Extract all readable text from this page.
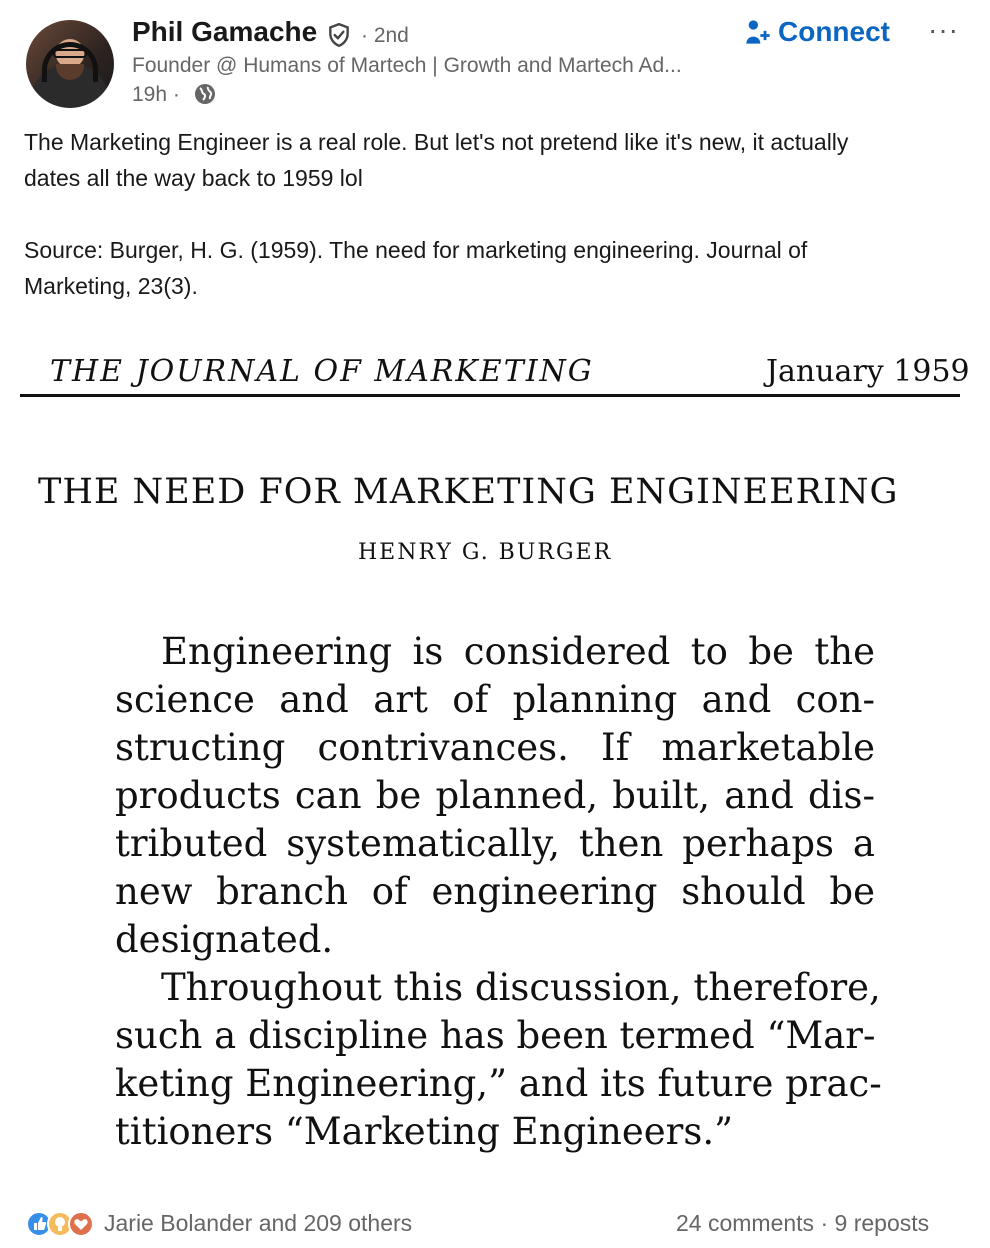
Phil Gamache · 2nd
Founder @ Humans of Martech | Growth and Martech Ad...
19h ·
Connect ···

The Marketing Engineer is a real role. But let's not pretend like it's new, it actually

dates all the way back to 1959 lol

Source: Burger, H. G. (1959). The need for marketing engineering. Journal of

Marketing, 23(3).

THE JOURNAL OF MARKETING	January 1959
THE NEED FOR MARKETING ENGINEERING
HENRY G. BURGER
Engineering is considered to be the
science and art of planning and con-
structing contrivances. If marketable
products can be planned, built, and dis-
tributed systematically, then perhaps a
new branch of engineering should be
designated.
Throughout this discussion, therefore,
such a discipline has been termed “Mar-
keting Engineering,” and its future prac-
titioners “Marketing Engineers.”
Jarie Bolander and 209 others	24 comments · 9 reposts
